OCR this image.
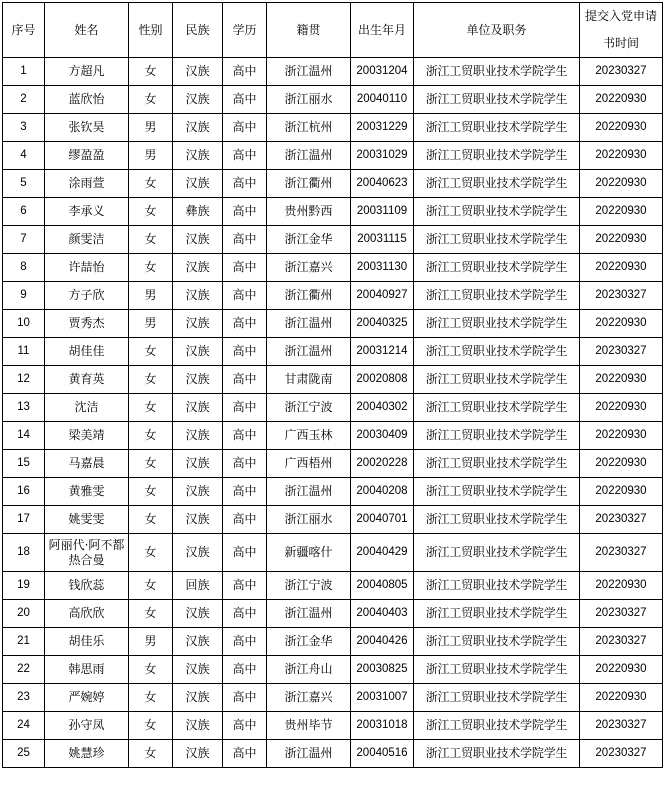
序号	姓名	性别	民族	学历	籍贯	出生年月	单位及职务	提交入党申请书时间
1	方超凡	女	汉族	高中	浙江温州	20031204	浙江工贸职业技术学院学生	20230327
2	蓝欣怡	女	汉族	高中	浙江丽水	20040110	浙江工贸职业技术学院学生	20220930
3	张钦昊	男	汉族	高中	浙江杭州	20031229	浙江工贸职业技术学院学生	20220930
4	缪盈盈	男	汉族	高中	浙江温州	20031029	浙江工贸职业技术学院学生	20220930
5	涂雨萱	女	汉族	高中	浙江衢州	20040623	浙江工贸职业技术学院学生	20220930
6	李承义	女	彝族	高中	贵州黔西	20031109	浙江工贸职业技术学院学生	20220930
7	颜雯洁	女	汉族	高中	浙江金华	20031115	浙江工贸职业技术学院学生	20220930
8	许喆怡	女	汉族	高中	浙江嘉兴	20031130	浙江工贸职业技术学院学生	20220930
9	方子欣	男	汉族	高中	浙江衢州	20040927	浙江工贸职业技术学院学生	20230327
10	贾秀杰	男	汉族	高中	浙江温州	20040325	浙江工贸职业技术学院学生	20220930
11	胡佳佳	女	汉族	高中	浙江温州	20031214	浙江工贸职业技术学院学生	20230327
12	黄育英	女	汉族	高中	甘肃陇南	20020808	浙江工贸职业技术学院学生	20220930
13	沈洁	女	汉族	高中	浙江宁波	20040302	浙江工贸职业技术学院学生	20220930
14	梁美靖	女	汉族	高中	广西玉林	20030409	浙江工贸职业技术学院学生	20220930
15	马嘉晨	女	汉族	高中	广西梧州	20020228	浙江工贸职业技术学院学生	20220930
16	黄雅雯	女	汉族	高中	浙江温州	20040208	浙江工贸职业技术学院学生	20220930
17	姚雯雯	女	汉族	高中	浙江丽水	20040701	浙江工贸职业技术学院学生	20230327
18	阿丽代·阿不都热合曼	女	汉族	高中	新疆喀什	20040429	浙江工贸职业技术学院学生	20230327
19	钱欣蕊	女	回族	高中	浙江宁波	20040805	浙江工贸职业技术学院学生	20220930
20	高欣欣	女	汉族	高中	浙江温州	20040403	浙江工贸职业技术学院学生	20230327
21	胡佳乐	男	汉族	高中	浙江金华	20040426	浙江工贸职业技术学院学生	20230327
22	韩思雨	女	汉族	高中	浙江舟山	20030825	浙江工贸职业技术学院学生	20220930
23	严婉婷	女	汉族	高中	浙江嘉兴	20031007	浙江工贸职业技术学院学生	20220930
24	孙守凤	女	汉族	高中	贵州毕节	20031018	浙江工贸职业技术学院学生	20230327
25	姚慧珍	女	汉族	高中	浙江温州	20040516	浙江工贸职业技术学院学生	20230327
